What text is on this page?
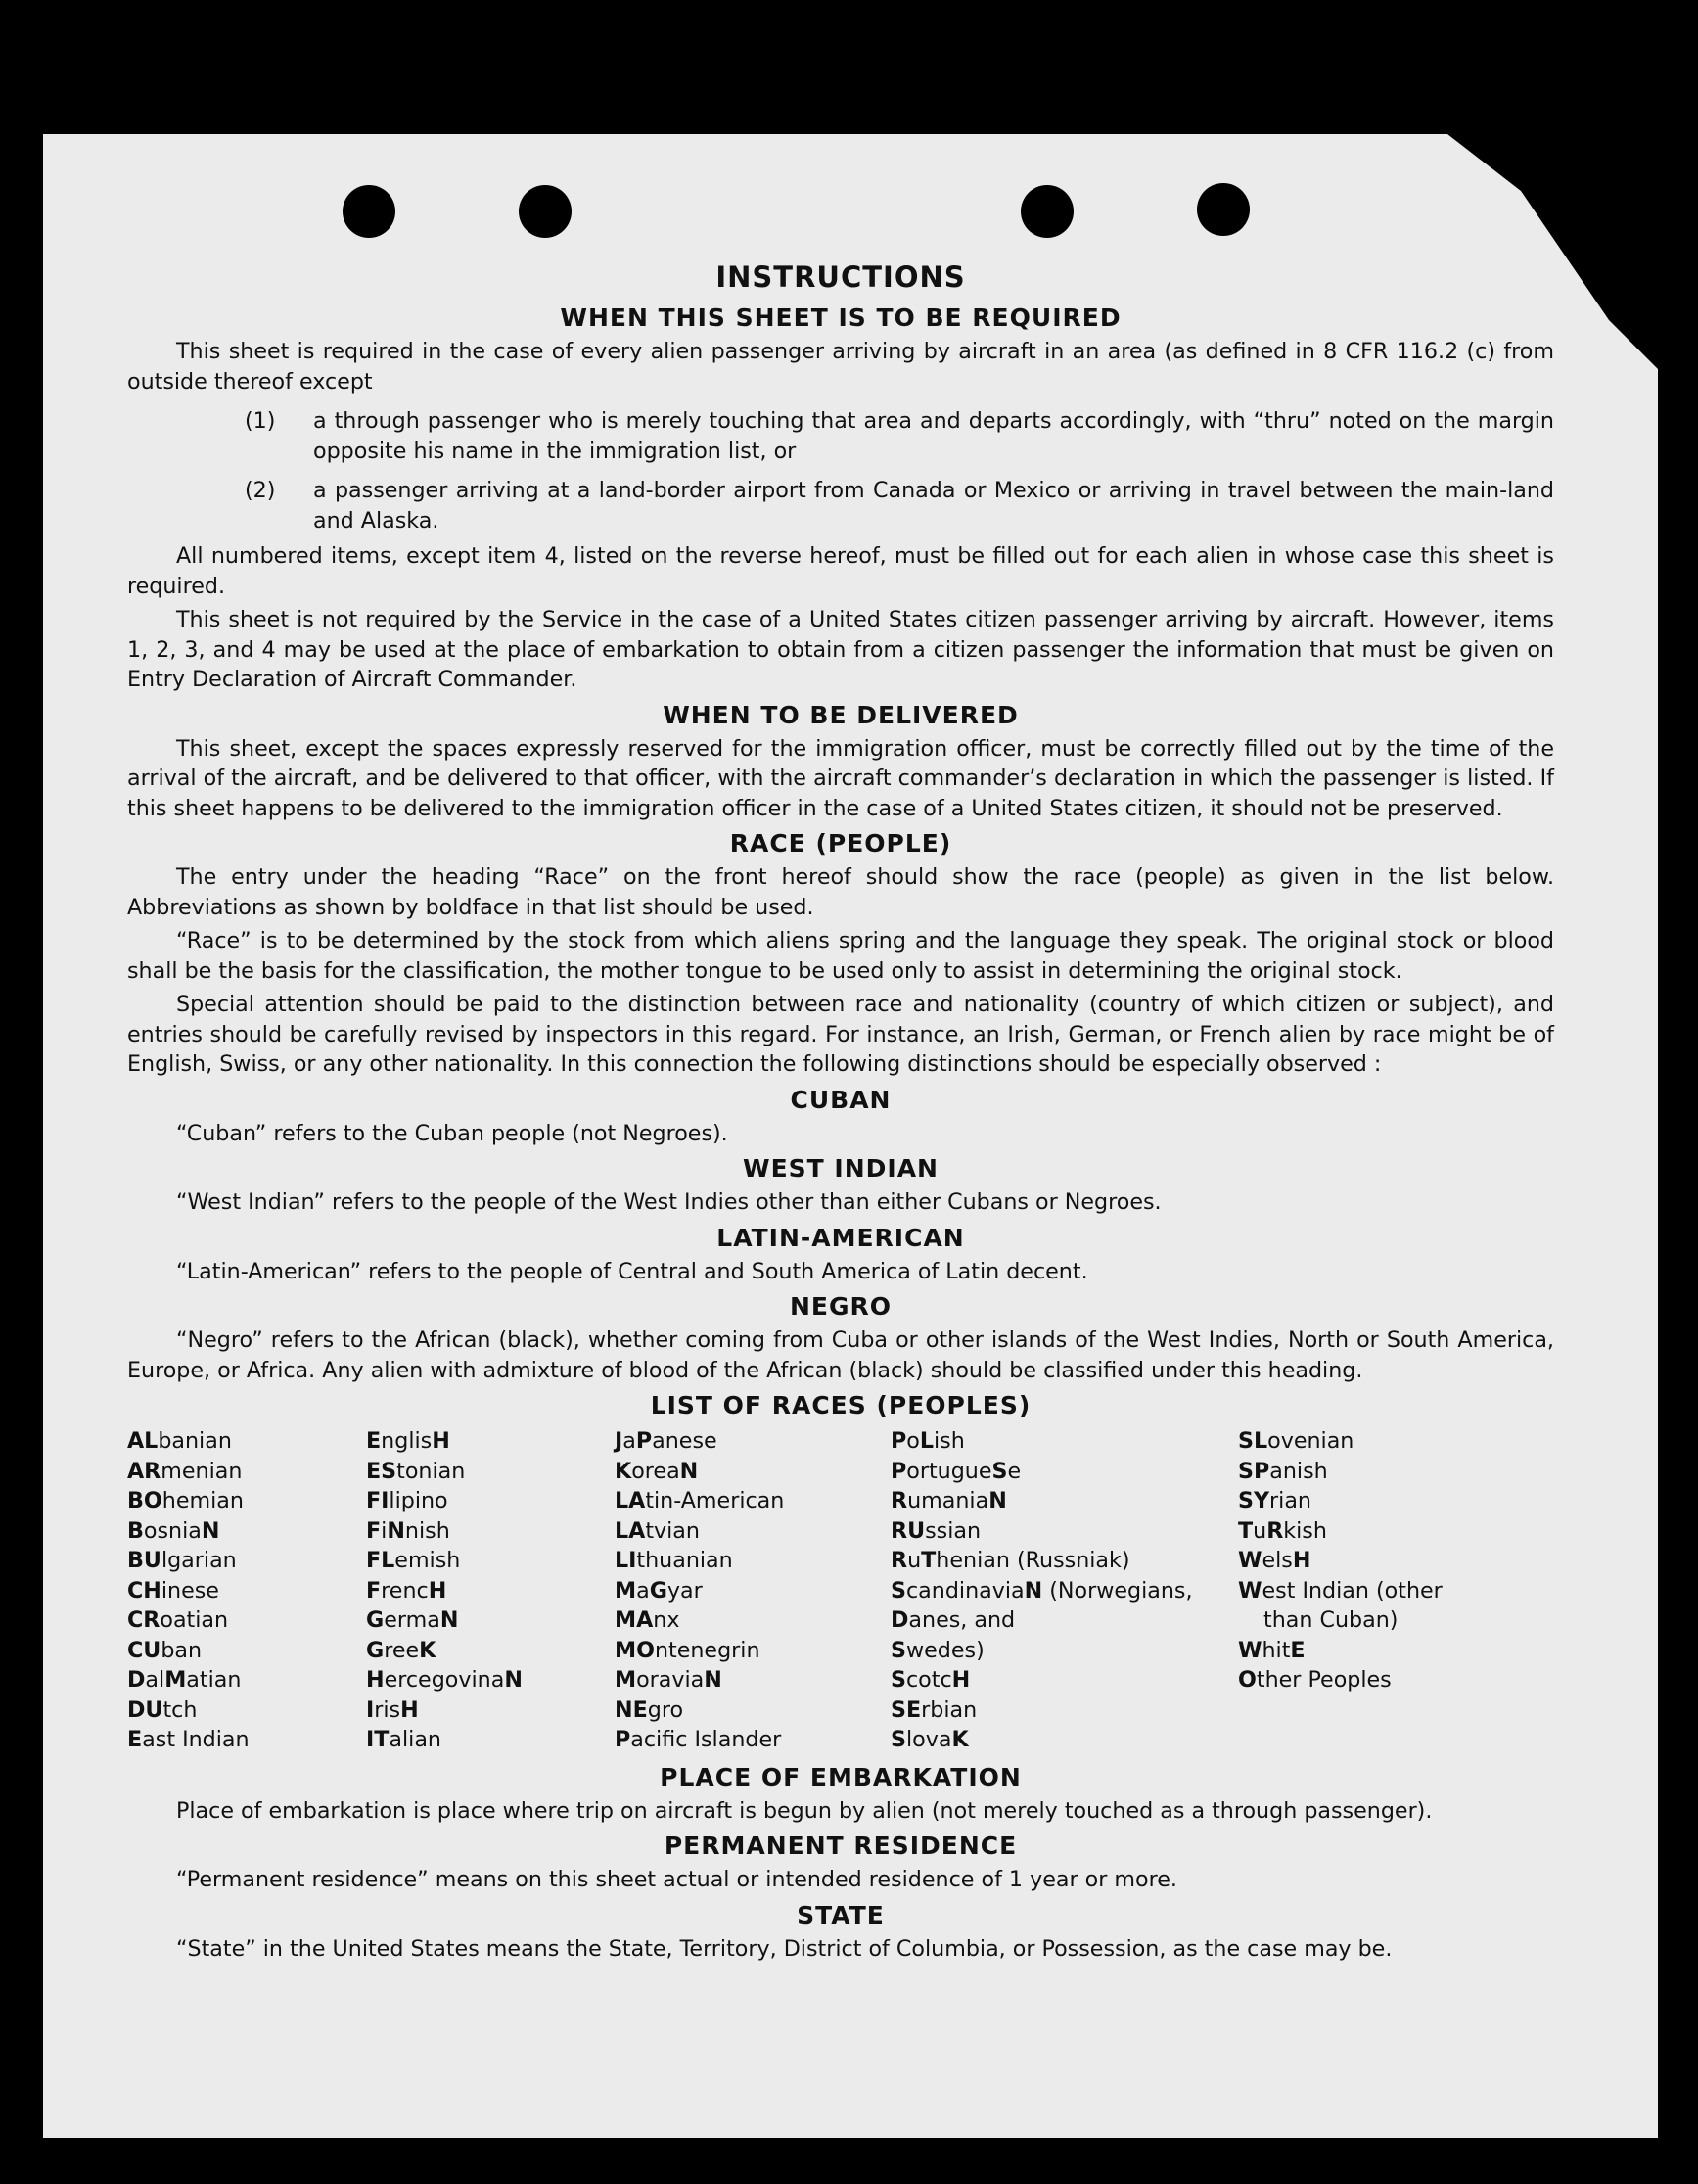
INSTRUCTIONS
WHEN THIS SHEET IS TO BE REQUIRED

This sheet is required in the case of every alien passenger arriving by aircraft in an area (as defined in 8 CFR 116.2 (c) from outside thereof except

(1)	a through passenger who is merely touching that area and departs accordingly, with “thru” noted on the margin opposite his name in the immigration list, or
(2)	a passenger arriving at a land-border airport from Canada or Mexico or arriving in travel between the main-land and Alaska.

All numbered items, except item 4, listed on the reverse hereof, must be filled out for each alien in whose case this sheet is required.

This sheet is not required by the Service in the case of a United States citizen passenger arriving by aircraft. However, items 1, 2, 3, and 4 may be used at the place of embarkation to obtain from a citizen passenger the information that must be given on Entry Declaration of Aircraft Commander.

WHEN TO BE DELIVERED

This sheet, except the spaces expressly reserved for the immigration officer, must be correctly filled out by the time of the arrival of the aircraft, and be delivered to that officer, with the aircraft commander’s declaration in which the passenger is listed. If this sheet happens to be delivered to the immigration officer in the case of a United States citizen, it should not be preserved.

RACE (PEOPLE)

The entry under the heading “Race” on the front hereof should show the race (people) as given in the list below. Abbreviations as shown by boldface in that list should be used.

“Race” is to be determined by the stock from which aliens spring and the language they speak. The original stock or blood shall be the basis for the classification, the mother tongue to be used only to assist in determining the original stock.

Special attention should be paid to the distinction between race and nationality (country of which citizen or subject), and entries should be carefully revised by inspectors in this regard. For instance, an Irish, German, or French alien by race might be of English, Swiss, or any other nationality. In this connection the following distinctions should be especially observed :

CUBAN

“Cuban” refers to the Cuban people (not Negroes).

WEST INDIAN

“West Indian” refers to the people of the West Indies other than either Cubans or Negroes.

LATIN-AMERICAN

“Latin-American” refers to the people of Central and South America of Latin decent.

NEGRO

“Negro” refers to the African (black), whether coming from Cuba or other islands of the West Indies, North or South America, Europe, or Africa. Any alien with admixture of blood of the African (black) should be classified under this heading.

LIST OF RACES (PEOPLES)
ALbanian
ARmenian
BOhemian
BosniaN
BUlgarian
CHinese
CRoatian
CUban
DalMatian
DUtch
East Indian
EnglisH
EStonian
FIlipino
FiNnish
FLemish
FrencH
GermaN
GreeK
HercegovinaN
IrisH
ITalian
JaPanese
KoreaN
LAtin-American
LAtvian
LIthuanian
MaGyar
MAnx
MOntenegrin
MoraviaN
NEgro
Pacific Islander
PoLish
PortugueSe
RumaniaN
RUssian
RuThenian (Russniak)
ScandinaviaN (Norwegians,
Danes, and
Swedes)
ScotcH
SErbian
SlovaK
SLovenian
SPanish
SYrian
TuRkish
WelsH
West Indian (other
than Cuban)
WhitE
Other Peoples
PLACE OF EMBARKATION

Place of embarkation is place where trip on aircraft is begun by alien (not merely touched as a through passenger).

PERMANENT RESIDENCE

“Permanent residence” means on this sheet actual or intended residence of 1 year or more.

STATE

“State” in the United States means the State, Territory, District of Columbia, or Possession, as the case may be.
